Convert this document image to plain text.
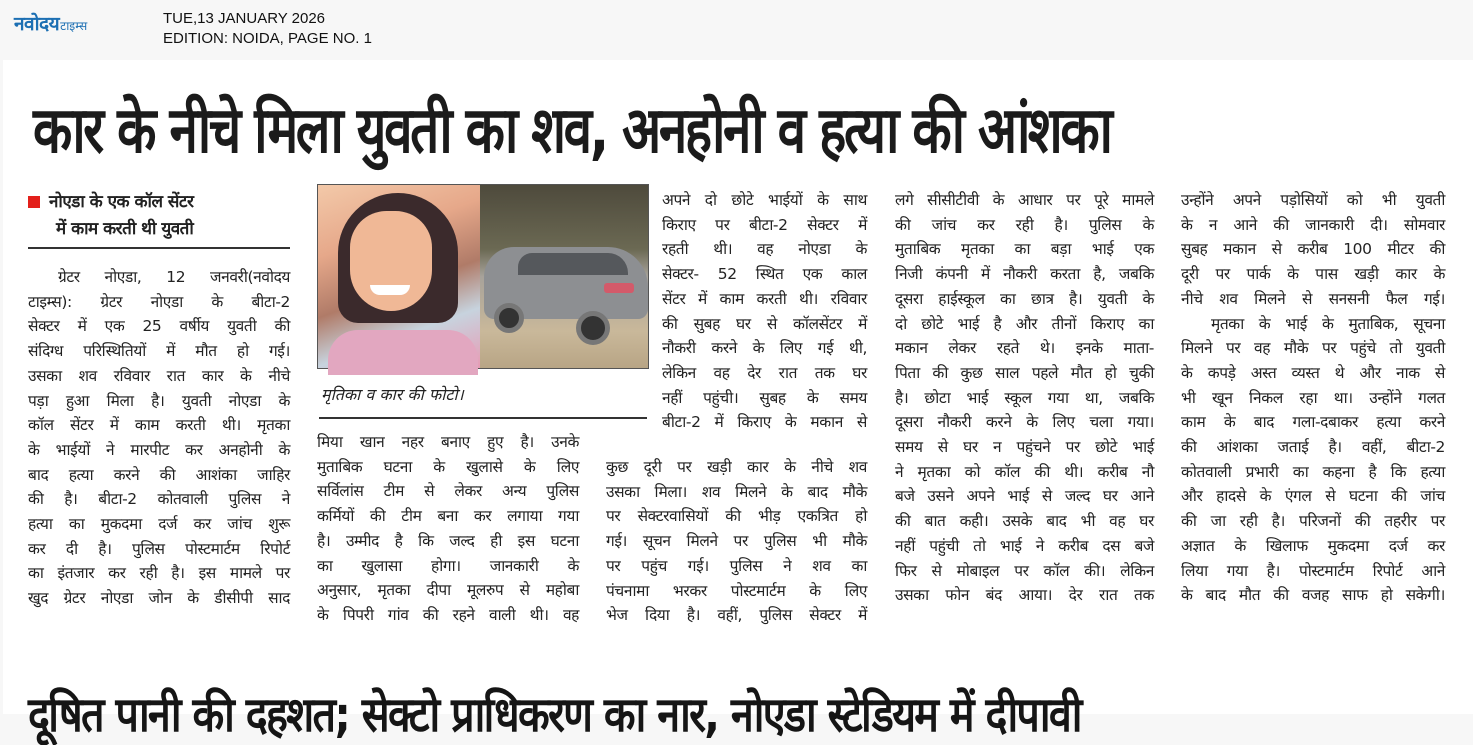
नवोदय टाइम्स	TUE,13 JANUARY 2026
EDITION: NOIDA, PAGE NO. 1
कार के नीचे मिला युवती का शव, अनहोनी व हत्या की आंशका
नोएडा के एक कॉल सेंटर
में काम करती थी युवती
ग्रेटर नोएडा, 12 जनवरी(नवोदय
टाइम्स): ग्रेटर नोएडा के बीटा-2
सेक्टर में एक 25 वर्षीय युवती की
संदिग्ध परिस्थितियों में मौत हो गई।
उसका शव रविवार रात कार के नीचे
पड़ा हुआ मिला है। युवती नोएडा के
कॉल सेंटर में काम करती थी। मृतका
के भाईयों ने मारपीट कर अनहोनी के
बाद हत्या करने की आशंका जाहिर
की है। बीटा-2 कोतवाली पुलिस ने
हत्या का मुकदमा दर्ज कर जांच शुरू
कर दी है। पुलिस पोस्टमार्टम रिपोर्ट
का इंतजार कर रही है। इस मामले पर
खुद ग्रेटर नोएडा जोन के डीसीपी साद
मृतिका व कार की फोटो।
मिया खान नहर बनाए हुए है। उनके
मुताबिक घटना के खुलासे के लिए
सर्विलांस टीम से लेकर अन्य पुलिस
कर्मियों की टीम बना कर लगाया गया
है। उम्मीद है कि जल्द ही इस घटना
का खुलासा होगा। जानकारी के
अनुसार, मृतका दीपा मूलरुप से महोबा
के पिपरी गांव की रहने वाली थी। वह
अपने दो छोटे भाईयों के साथ
किराए पर बीटा-2 सेक्टर में
रहती थी। वह नोएडा के
सेक्टर- 52 स्थित एक काल
सेंटर में काम करती थी। रविवार
की सुबह घर से कॉलसेंटर में
नौकरी करने के लिए गई थी,
लेकिन वह देर रात तक घर
नहीं पहुंची। सुबह के समय
बीटा-2 में किराए के मकान से
कुछ दूरी पर खड़ी कार के नीचे शव
उसका मिला। शव मिलने के बाद मौके
पर सेक्टरवासियों की भीड़ एकत्रित हो
गई। सूचन मिलने पर पुलिस भी मौके
पर पहुंच गई। पुलिस ने शव का
पंचनामा भरकर पोस्टमार्टम के लिए
भेज दिया है। वहीं, पुलिस सेक्टर में
लगे सीसीटीवी के आधार पर पूरे मामले
की जांच कर रही है। पुलिस के
मुताबिक मृतका का बड़ा भाई एक
निजी कंपनी में नौकरी करता है, जबकि
दूसरा हाईस्कूल का छात्र है। युवती के
दो छोटे भाई है और तीनों किराए का
मकान लेकर रहते थे। इनके माता-
पिता की कुछ साल पहले मौत हो चुकी
है। छोटा भाई स्कूल गया था, जबकि
दूसरा नौकरी करने के लिए चला गया।
समय से घर न पहुंचने पर छोटे भाई
ने मृतका को कॉल की थी। करीब नौ
बजे उसने अपने भाई से जल्द घर आने
की बात कही। उसके बाद भी वह घर
नहीं पहुंची तो भाई ने करीब दस बजे
फिर से मोबाइल पर कॉल की। लेकिन
उसका फोन बंद आया। देर रात तक
उन्होंने अपने पड़ोसियों को भी युवती
के न आने की जानकारी दी। सोमवार
सुबह मकान से करीब 100 मीटर की
दूरी पर पार्क के पास खड़ी कार के
नीचे शव मिलने से सनसनी फैल गई।
मृतका के भाई के मुताबिक, सूचना
मिलने पर वह मौके पर पहुंचे तो युवती
के कपड़े अस्त व्यस्त थे और नाक से
भी खून निकल रहा था। उन्होंने गलत
काम के बाद गला-दबाकर हत्या करने
की आंशका जताई है। वहीं, बीटा-2
कोतवाली प्रभारी का कहना है कि हत्या
और हादसे के एंगल से घटना की जांच
की जा रही है। परिजनों की तहरीर पर
अज्ञात के खिलाफ मुकदमा दर्ज कर
लिया गया है। पोस्टमार्टम रिपोर्ट आने
के बाद मौत की वजह साफ हो सकेगी।
दूषित पानी की दहशत; सेक्टो प्राधिकरण का नार, नोएडा स्टेडियम में दीपावी
